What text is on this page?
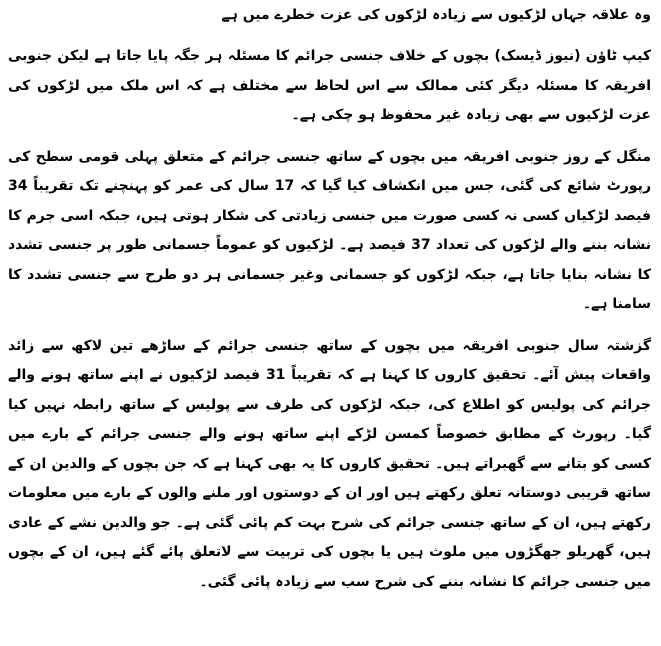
وہ علاقہ جہاں لڑکیوں سے زیادہ لڑکوں کی عزت خطرے میں ہے

کیپ ٹاؤن (نیوز ڈیسک) بچوں کے خلاف جنسی جرائم کا مسئلہ ہر جگہ پایا جاتا ہے لیکن جنوبی افریقہ کا مسئلہ دیگر کئی ممالک سے اس لحاظ سے مختلف ہے کہ اس ملک میں لڑکوں کی عزت لڑکیوں سے بھی زیادہ غیر محفوظ ہو چکی ہے۔

منگل کے روز جنوبی افریقہ میں بچوں کے ساتھ جنسی جرائم کے متعلق پہلی قومی سطح کی رپورٹ شائع کی گئی، جس میں انکشاف کیا گیا کہ 17 سال کی عمر کو پہنچنے تک تقریباً 34 فیصد لڑکیاں کسی نہ کسی صورت میں جنسی زیادتی کی شکار ہوتی ہیں، جبکہ اسی جرم کا نشانہ بننے والے لڑکوں کی تعداد 37 فیصد ہے۔ لڑکیوں کو عموماً جسمانی طور پر جنسی تشدد کا نشانہ بنایا جاتا ہے، جبکہ لڑکوں کو جسمانی وغیر جسمانی ہر دو طرح سے جنسی تشدد کا سامنا ہے۔

گزشتہ سال جنوبی افریقہ میں بچوں کے ساتھ جنسی جرائم کے ساڑھے تین لاکھ سے زائد واقعات پیش آئے۔ تحقیق کاروں کا کہنا ہے کہ تقریباً 31 فیصد لڑکیوں نے اپنے ساتھ ہونے والے جرائم کی پولیس کو اطلاع کی، جبکہ لڑکوں کی طرف سے پولیس کے ساتھ رابطہ نہیں کیا گیا۔ رپورٹ کے مطابق خصوصاً کمسن لڑکے اپنے ساتھ ہونے والے جنسی جرائم کے بارے میں کسی کو بتانے سے گھبراتے ہیں۔ تحقیق کاروں کا یہ بھی کہنا ہے کہ جن بچوں کے والدین ان کے ساتھ قریبی دوستانہ تعلق رکھتے ہیں اور ان کے دوستوں اور ملنے والوں کے بارے میں معلومات رکھتے ہیں، ان کے ساتھ جنسی جرائم کی شرح بہت کم پائی گئی ہے۔ جو والدین نشے کے عادی ہیں، گھریلو جھگڑوں میں ملوث ہیں یا بچوں کی تربیت سے لاتعلق پائے گئے ہیں، ان کے بچوں میں جنسی جرائم کا نشانہ بننے کی شرح سب سے زیادہ پائی گئی۔
